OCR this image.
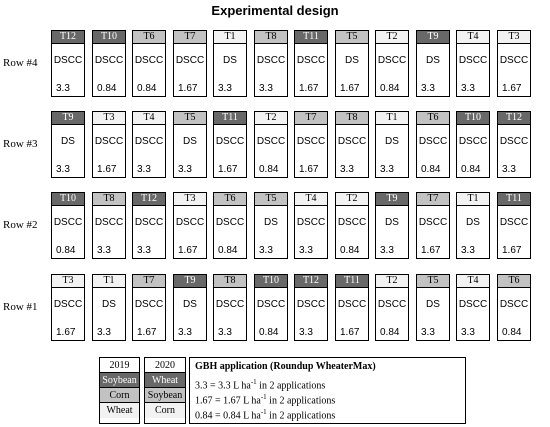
Experimental design
Row #4
T12
DSCC
3.3
T10
DSCC
0.84
T6
DSCC
0.84
T7
DSCC
1.67
T1
DS
3.3
T8
DSCC
3.3
T11
DSCC
1.67
T5
DS
1.67
T2
DSCC
0.84
T9
DS
3.3
T4
DSCC
3.3
T3
DSCC
1.67
Row #3
T9
DS
3.3
T3
DSCC
1.67
T4
DSCC
3.3
T5
DS
3.3
T11
DSCC
1.67
T2
DSCC
0.84
T7
DSCC
1.67
T8
DSCC
3.3
T1
DS
3.3
T6
DSCC
0.84
T10
DSCC
0.84
T12
DSCC
3.3
Row #2
T10
DSCC
0.84
T8
DSCC
3.3
T12
DSCC
3.3
T3
DSCC
1.67
T6
DSCC
0.84
T5
DS
3.3
T4
DSCC
3.3
T2
DSCC
0.84
T9
DS
3.3
T7
DSCC
1.67
T1
DS
3.3
T11
DSCC
1.67
Row #1
T3
DSCC
1.67
T1
DS
3.3
T7
DSCC
1.67
T9
DS
3.3
T8
DSCC
3.3
T10
DSCC
0.84
T12
DSCC
3.3
T11
DSCC
1.67
T2
DSCC
0.84
T5
DS
3.3
T4
DSCC
3.3
T6
DSCC
0.84
2019
Soybean
Corn
Wheat
2020
Wheat
Soybean
Corn
GBH application (Roundup WheaterMax)
3.3 = 3.3 L $ha^{-1}$ in 2 applications
1.67 = 1.67 L $ha^{-1}$ in 2 applications
0.84 = 0.84 L $ha^{-1}$ in 2 applications
